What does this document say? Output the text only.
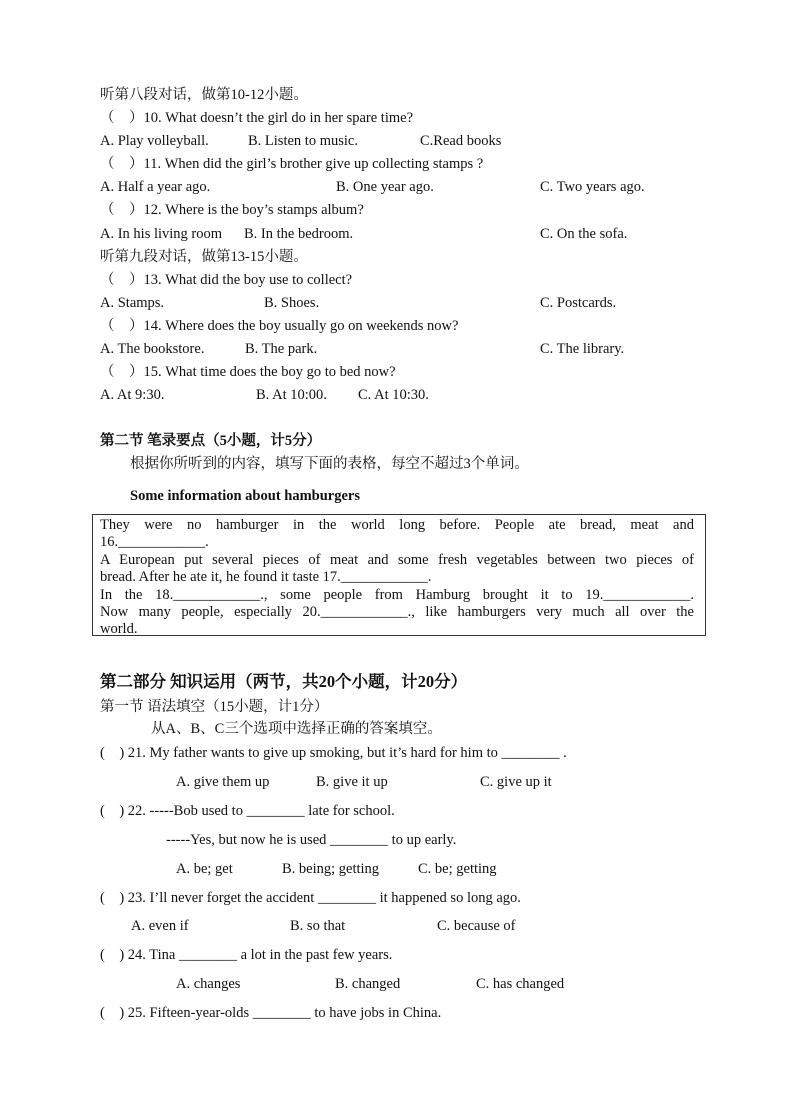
听第八段对话，做第10-12小题。
（    ）10. What doesn’t the girl do in her spare time?
A. Play volleyball.	B. Listen to music.	C.Read books
（    ）11. When did the girl’s brother give up collecting stamps ?
A. Half a year ago.	B. One year ago.	C. Two years ago.
（    ）12. Where is the boy’s stamps album?
A. In his living room B. In the bedroom.	C. On the sofa.
听第九段对话，做第13-15小题。
（    ）13. What did the boy use to collect?
A. Stamps.	B. Shoes.	C. Postcards.
（    ）14. Where does the boy usually go on weekends now?
A. The bookstore.	B. The park.	C. The library.
（    ）15. What time does the boy go to bed now?
A. At 9:30.	B. At 10:00. C. At 10:30.
第二节 笔录要点（5小题，计5分）
根据你所听到的内容，填写下面的表格，每空不超过3个单词。
Some information about hamburgers
They were no hamburger in the world long before. People ate bread, meat and
16.____________.
A European put several pieces of meat and some fresh vegetables between two pieces of
bread. After he ate it, he found it taste 17.____________.
In the 18.____________., some people from Hamburg brought it to 19.____________.
Now many people, especially 20.____________., like hamburgers very much all over the
world.
第二部分 知识运用（两节，共20个小题，计20分）
第一节 语法填空（15小题，计1分）
从A、B、C三个选项中选择正确的答案填空。
(    ) 21. My father wants to give up smoking, but it’s hard for him to ________ .
A. give them up	B. give it up	C. give up it
(    ) 22. -----Bob used to ________ late for school.
-----Yes, but now he is used ________ to up early.
A. be; get	B. being; getting	C. be; getting
(    ) 23. I’ll never forget the accident ________ it happened so long ago.
A. even if	B. so that	C. because of
(    ) 24. Tina ________ a lot in the past few years.
A. changes	B. changed	C. has changed
(    ) 25. Fifteen-year-olds ________ to have jobs in China.
